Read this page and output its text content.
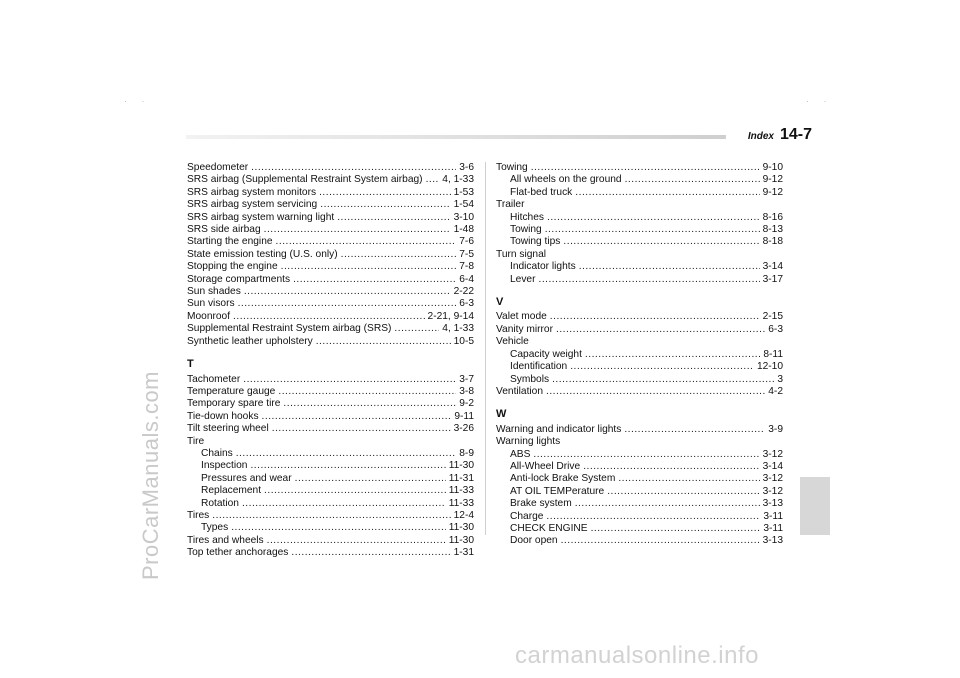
· ·	· ·
ProCarManuals.com
carmanualsonline.info
Index 14-7
Speedometer .....	3-6
SRS airbag (Supplemental Restraint System airbag) ..... 4, 1-33
SRS airbag system monitors .....	1-53
SRS airbag system servicing .....	1-54
SRS airbag system warning light .....	3-10
SRS side airbag .....	1-48
Starting the engine .....	7-6
State emission testing (U.S. only) .....	7-5
Stopping the engine .....	7-8
Storage compartments .....	6-4
Sun shades .....	2-22
Sun visors .....	6-3
Moonroof .....	2-21, 9-14
Supplemental Restraint System airbag (SRS) .....	4, 1-33
Synthetic leather upholstery .....	10-5
T
Tachometer .....	3-7
Temperature gauge .....	3-8
Temporary spare tire .....	9-2
Tie-down hooks .....	9-11
Tilt steering wheel .....	3-26
Tire
Chains .....	8-9
Inspection .....	11-30
Pressures and wear .....	11-31
Replacement .....	11-33
Rotation .....	11-33
Tires .....	12-4
Types .....	11-30
Tires and wheels .....	11-30
Top tether anchorages .....	1-31
Towing .....	9-10
All wheels on the ground .....	9-12
Flat-bed truck .....	9-12
Trailer
Hitches .....	8-16
Towing .....	8-13
Towing tips .....	8-18
Turn signal
Indicator lights .....	3-14
Lever .....	3-17
V
Valet mode .....	2-15
Vanity mirror .....	6-3
Vehicle
Capacity weight .....	8-11
Identification .....	12-10
Symbols .....	3
Ventilation .....	4-2
W
Warning and indicator lights .....	3-9
Warning lights
ABS .....	3-12
All-Wheel Drive .....	3-14
Anti-lock Brake System .....	3-12
AT OIL TEMPerature .....	3-12
Brake system .....	3-13
Charge .....	3-11
CHECK ENGINE .....	3-11
Door open .....	3-13
